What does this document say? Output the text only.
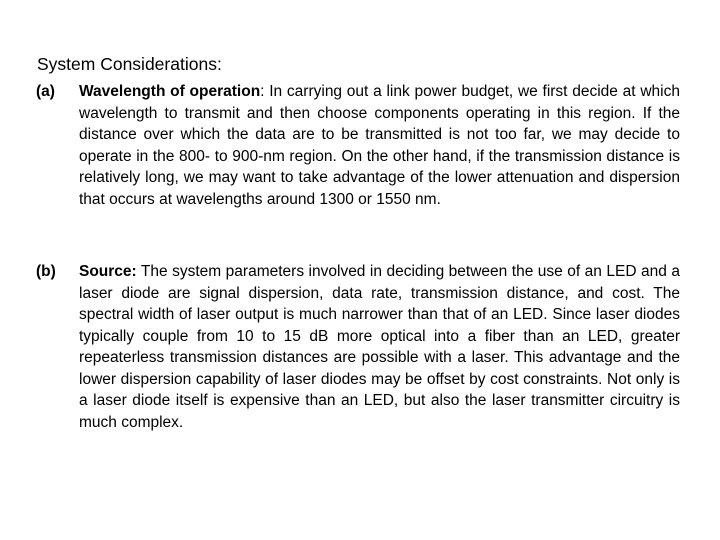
System Considerations:
(a) Wavelength of operation: In carrying out a link power budget, we first decide at which wavelength to transmit and then choose components operating in this region. If the distance over which the data are to be transmitted is not too far, we may decide to operate in the 800- to 900-nm region. On the other hand, if the transmission distance is relatively long, we may want to take advantage of the lower attenuation and dispersion that occurs at wavelengths around 1300 or 1550 nm.
(b) Source: The system parameters involved in deciding between the use of an LED and a laser diode are signal dispersion, data rate, transmission distance, and cost. The spectral width of laser output is much narrower than that of an LED. Since laser diodes typically couple from 10 to 15 dB more optical into a fiber than an LED, greater repeaterless transmission distances are possible with a laser. This advantage and the lower dispersion capability of laser diodes may be offset by cost constraints. Not only is a laser diode itself is expensive than an LED, but also the laser transmitter circuitry is much complex.
